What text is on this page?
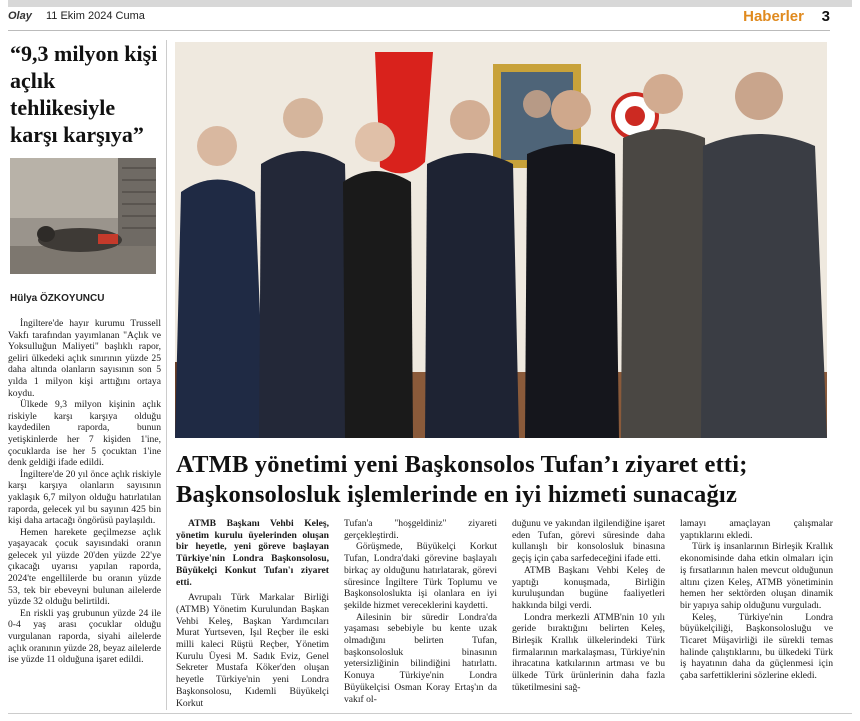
Olay 11 Ekim 2024 Cuma	Haberler 3
“9,3 milyon kişi açlık tehlikesiyle karşı karşıya”
Hülya ÖZKOYUNCU

İngiltere'de hayır kurumu Trussell Vakfı tarafından yayımlanan "Açlık ve Yoksulluğun Maliyeti" başlıklı rapor, geliri ülkedeki açlık sınırının yüzde 25 daha altında olanların sayısının son 5 yılda 1 milyon kişi arttığını ortaya koydu.

Ülkede 9,3 milyon kişinin açlık riskiyle karşı karşıya olduğu kaydedilen raporda, bunun yetişkinlerde her 7 kişiden 1'ine, çocuklarda ise her 5 çocuktan 1'ine denk geldiği ifade edildi.

İngiltere'de 20 yıl önce açlık riskiyle karşı karşıya olanların sayısının yaklaşık 6,7 milyon olduğu hatırlatılan raporda, gelecek yıl bu sayının 425 bin kişi daha artacağı öngörüsü paylaşıldı.

Hemen harekete geçilmezse açlık yaşayacak çocuk sayısındaki oranın gelecek yıl yüzde 20'den yüzde 22'ye çıkacağı uyarısı yapılan raporda, 2024'te engellilerde bu oranın yüzde 53, tek bir ebeveyni bulunan ailelerde yüzde 32 olduğu belirtildi.

En riskli yaş grubunun yüzde 24 ile 0-4 yaş arası çocuklar olduğu vurgulanan raporda, siyahi ailelerde açlık oranının yüzde 28, beyaz ailelerde ise yüzde 11 olduğuna işaret edildi.

ATMB yönetimi yeni Başkonsolos Tufan’ı ziyaret etti;
Başkonsolosluk işlemlerinde en iyi hizmeti sunacağız

ATMB Başkanı Vehbi Keleş, yönetim kurulu üyelerinden oluşan bir heyetle, yeni göreve başlayan Türkiye'nin Londra Başkonsolosu, Büyükelçi Konkut Tufan'ı ziyaret etti.

Avrupalı Türk Markalar Birliği (ATMB) Yönetim Kurulundan Başkan Vehbi Keleş, Başkan Yardımcıları Murat Yurtseven, Işıl Reçber ile eski milli kaleci Rüştü Reçber, Yönetim Kurulu Üyesi M. Sadık Eviz, Genel Sekreter Mustafa Köker'den oluşan heyetle Türkiye'nin yeni Londra Başkonsolosu, Kıdemli Büyükelçi Korkut

Tufan'a "hoşgeldiniz" ziyareti gerçekleştirdi.

Görüşmede, Büyükelçi Korkut Tufan, Londra'daki görevine başlayalı birkaç ay olduğunu hatırlatarak, görevi süresince İngiltere Türk Toplumu ve Başkonsoloslukta işi olanlara en iyi şekilde hizmet vereceklerini kaydetti.

Ailesinin bir süredir Londra'da yaşaması sebebiyle bu kente uzak olmadığını belirten Tufan, başkonsolosluk binasının yetersizliğinin bilindiğini hatırlattı. Konuya Türkiye'nin Londra Büyükelçisi Osman Koray Ertaş'ın da vakıf ol-

duğunu ve yakından ilgilendiğine işaret eden Tufan, görevi süresinde daha kullanışlı bir konsolosluk binasına geçiş için çaba sarfedeceğini ifade etti.

ATMB Başkanı Vehbi Keleş de yaptığı konuşmada, Birliğin kuruluşundan bugüne faaliyetleri hakkında bilgi verdi.

Londra merkezli ATMB'nin 10 yılı geride bıraktığını belirten Keleş, Birleşik Krallık ülkelerindeki Türk firmalarının markalaşması, Türkiye'nin ihracatına katkılarının artması ve bu ülkede Türk ürünlerinin daha fazla tüketilmesini sağ-

lamayı amaçlayan çalışmalar yaptıklarını ekledi.

Türk iş insanlarının Birleşik Krallık ekonomisinde daha etkin olmaları için iş fırsatlarının halen mevcut olduğunun altını çizen Keleş, ATMB yönetiminin hemen her sektörden oluşan dinamik bir yapıya sahip olduğunu vurguladı.

Keleş, Türkiye'nin Londra büyükelçiliği, Başkonsolosluğu ve Ticaret Müşavirliği ile sürekli temas halinde çalıştıklarını, bu ülkedeki Türk iş hayatının daha da güçlenmesi için çaba sarfettiklerini sözlerine ekledi.
